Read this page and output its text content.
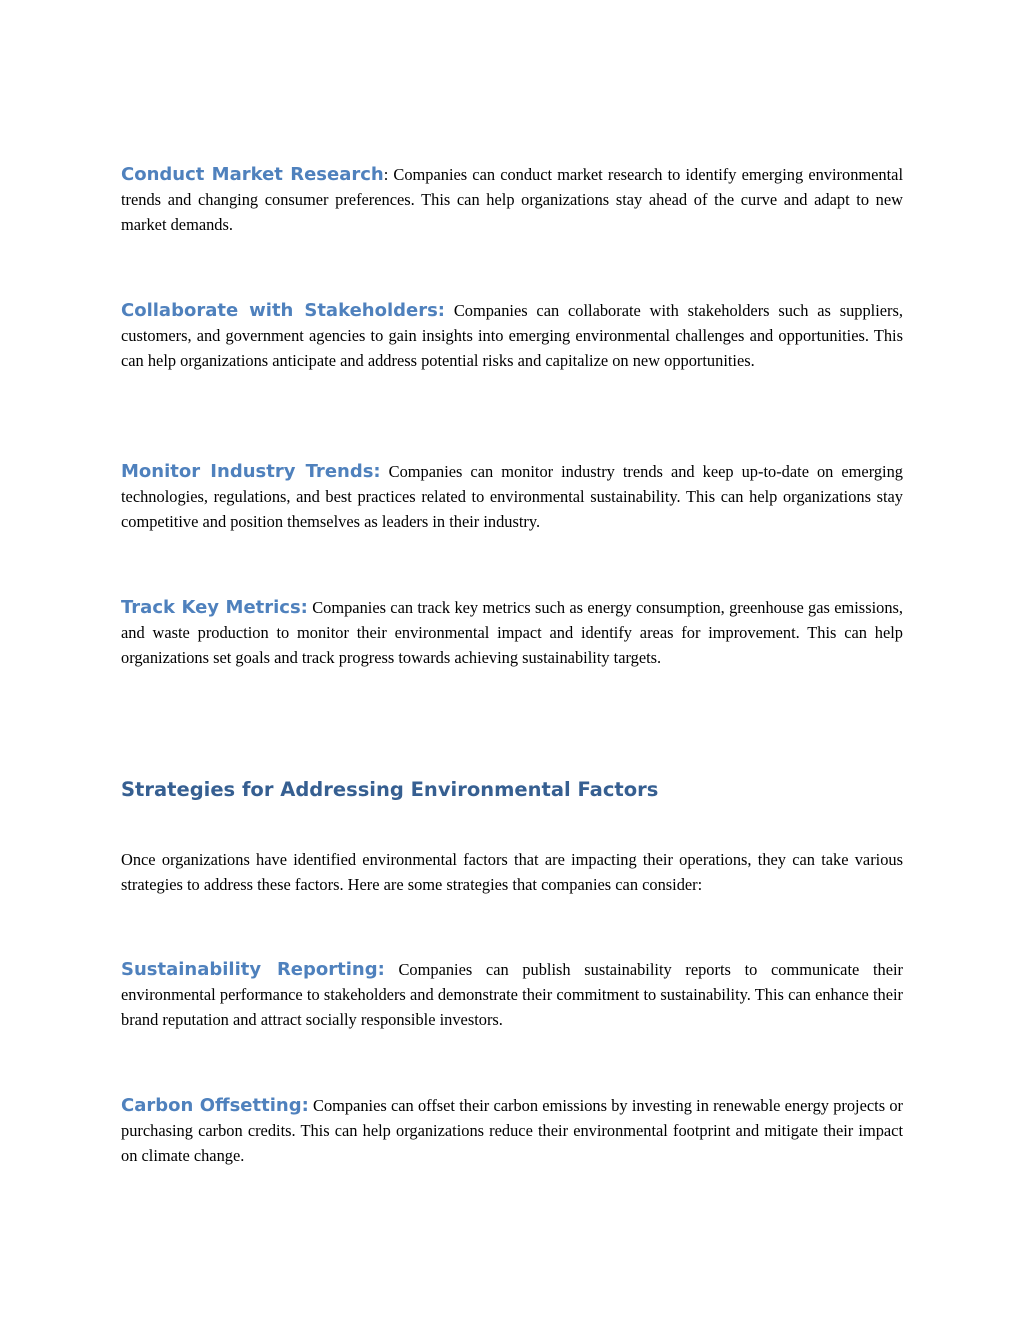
Conduct Market Research: Companies can conduct market research to identify emerging environmental trends and changing consumer preferences. This can help organizations stay ahead of the curve and adapt to new market demands.

Collaborate with Stakeholders: Companies can collaborate with stakeholders such as suppliers, customers, and government agencies to gain insights into emerging environmental challenges and opportunities. This can help organizations anticipate and address potential risks and capitalize on new opportunities.

Monitor Industry Trends: Companies can monitor industry trends and keep up-to-date on emerging technologies, regulations, and best practices related to environmental sustainability. This can help organizations stay competitive and position themselves as leaders in their industry.

Track Key Metrics: Companies can track key metrics such as energy consumption, greenhouse gas emissions, and waste production to monitor their environmental impact and identify areas for improvement. This can help organizations set goals and track progress towards achieving sustainability targets.

Strategies for Addressing Environmental Factors

Once organizations have identified environmental factors that are impacting their operations, they can take various strategies to address these factors. Here are some strategies that companies can consider:

Sustainability Reporting: Companies can publish sustainability reports to communicate their environmental performance to stakeholders and demonstrate their commitment to sustainability. This can enhance their brand reputation and attract socially responsible investors.

Carbon Offsetting: Companies can offset their carbon emissions by investing in renewable energy projects or purchasing carbon credits. This can help organizations reduce their environmental footprint and mitigate their impact on climate change.
